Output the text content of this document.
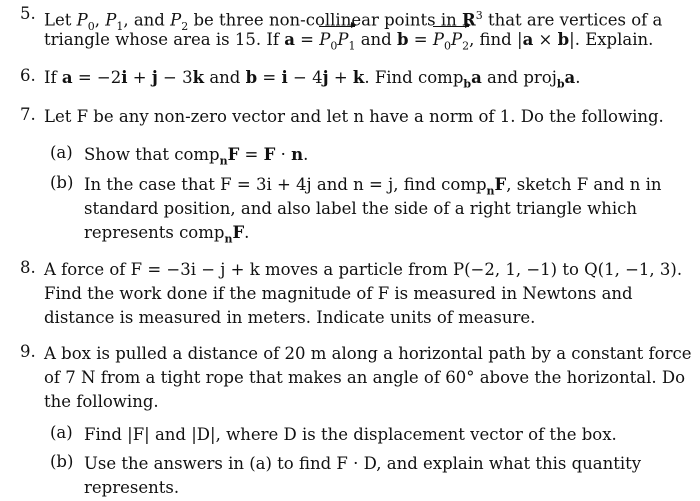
5. Let $P_0$, $P_1$, and $P_2$ be three non-collinear points in $R^3$ that are vertices of a
triangle whose area is 15. If $a = P_0P_1$ and $b = P_0P_2$, find |a × b|. Explain.
6. If a = −2i + j − 3k and b = i − 4j + k. Find comp$_b$a and proj$_b$a.
7. Let F be any non-zero vector and let n have a norm of 1. Do the following.
(a) Show that comp$_n$F = F · n.
(b) In the case that F = 3i + 4j and n = j, find comp$_n$F, sketch F and n in
standard position, and also label the side of a right triangle which
represents comp$_n$F.
8. A force of F = −3i − j + k moves a particle from P(−2, 1, −1) to Q(1, −1, 3).
Find the work done if the magnitude of F is measured in Newtons and
distance is measured in meters. Indicate units of measure.
9. A box is pulled a distance of 20 m along a horizontal path by a constant force
of 7 N from a tight rope that makes an angle of 60° above the horizontal. Do
the following.
(a) Find |F| and |D|, where D is the displacement vector of the box.
(b) Use the answers in (a) to find F · D, and explain what this quantity
represents.
